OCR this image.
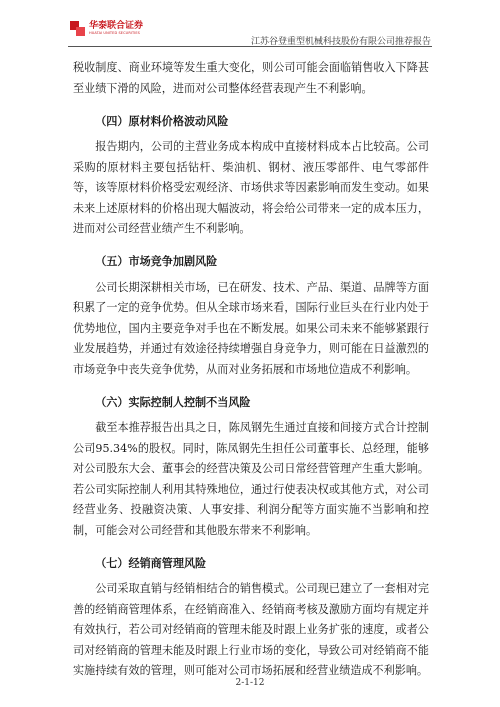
华泰联合证券
HUATAI UNITED SECURITIES
江苏谷登重型机械科技股份有限公司推荐报告

税收制度、商业环境等发生重大变化，则公司可能会面临销售收入下降甚至业绩下滑的风险，进而对公司整体经营表现产生不利影响。

（四）原材料价格波动风险

报告期内，公司的主营业务成本构成中直接材料成本占比较高。公司采购的原材料主要包括钻杆、柴油机、钢材、液压零部件、电气零部件等，该等原材料价格受宏观经济、市场供求等因素影响而发生变动。如果未来上述原材料的价格出现大幅波动，将会给公司带来一定的成本压力，进而对公司经营业绩产生不利影响。

（五）市场竞争加剧风险

公司长期深耕相关市场，已在研发、技术、产品、渠道、品牌等方面积累了一定的竞争优势。但从全球市场来看，国际行业巨头在行业内处于优势地位，国内主要竞争对手也在不断发展。如果公司未来不能够紧跟行业发展趋势，并通过有效途径持续增强自身竞争力，则可能在日益激烈的市场竞争中丧失竞争优势，从而对业务拓展和市场地位造成不利影响。

（六）实际控制人控制不当风险

截至本推荐报告出具之日，陈凤钢先生通过直接和间接方式合计控制公司95.34%的股权。同时，陈凤钢先生担任公司董事长、总经理，能够对公司股东大会、董事会的经营决策及公司日常经营管理产生重大影响。若公司实际控制人利用其特殊地位，通过行使表决权或其他方式，对公司经营业务、投融资决策、人事安排、利润分配等方面实施不当影响和控制，可能会对公司经营和其他股东带来不利影响。

（七）经销商管理风险

公司采取直销与经销相结合的销售模式。公司现已建立了一套相对完善的经销商管理体系，在经销商准入、经销商考核及激励方面均有规定并有效执行，若公司对经销商的管理未能及时跟上业务扩张的速度，或者公司对经销商的管理未能及时跟上行业市场的变化，导致公司对经销商不能实施持续有效的管理，则可能对公司市场拓展和经营业绩造成不利影响。

2-1-12
